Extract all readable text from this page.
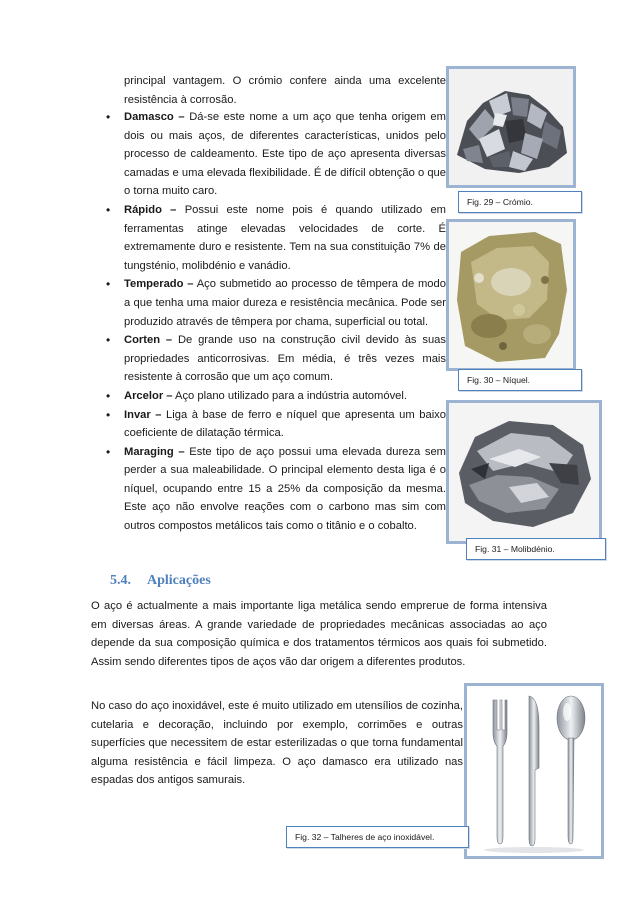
principal vantagem. O crómio confere ainda uma excelente resistência à corrosão.
• Damasco – Dá-se este nome a um aço que tenha origem em dois ou mais aços, de diferentes características, unidos pelo processo de caldeamento. Este tipo de aço apresenta diversas camadas e uma elevada flexibilidade. É de difícil obtenção o que o torna muito caro.
• Rápido – Possui este nome pois é quando utilizado em ferramentas atinge elevadas velocidades de corte. É extremamente duro e resistente. Tem na sua constituição 7% de tungsténio, molibdénio e vanádio.
• Temperado – Aço submetido ao processo de têmpera de modo a que tenha uma maior dureza e resistência mecânica. Pode ser produzido através de têmpera por chama, superficial ou total.
• Corten – De grande uso na construção civil devido às suas propriedades anticorrosivas. Em média, é três vezes mais resistente à corrosão que um aço comum.
• Arcelor – Aço plano utilizado para a indústria automóvel.
• Invar – Liga à base de ferro e níquel que apresenta um baixo coeficiente de dilatação térmica.
• Maraging – Este tipo de aço possui uma elevada dureza sem perder a sua maleabilidade. O principal elemento desta liga é o níquel, ocupando entre 15 a 25% da composição da mesma. Este aço não envolve reações com o carbono mas sim com outros compostos metálicos tais como o titânio e o cobalto.
Fig. 29 – Crómio.
Fig. 30 – Níquel.
Fig. 31 – Molibdénio.
5.4. Aplicações
O aço é actualmente a mais importante liga metálica sendo emprегue de forma intensiva em diversas áreas. A grande variedade de propriedades mecânicas associadas ao aço depende da sua composição química e dos tratamentos térmicos aos quais foi submetido. Assim sendo diferentes tipos de aços vão dar origem a diferentes produtos.
No caso do aço inoxidável, este é muito utilizado em utensílios de cozinha, cutelaria e decoração, incluindo por exemplo, corrimões e outras superfícies que necessitem de estar esterilizadas o que torna fundamental alguma resistência e fácil limpeza. O aço damasco era utilizado nas espadas dos antigos samurais.
Fig. 32 – Talheres de aço inoxidável.
